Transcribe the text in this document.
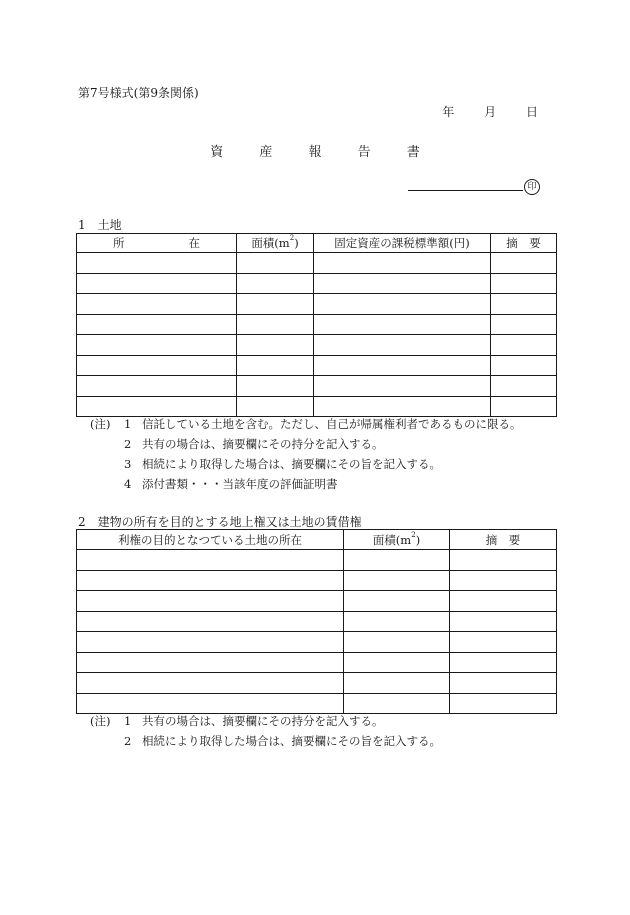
第7号様式(第9条関係)
年 月 日
資 産 報 告 書
印
1 土地
所 在	面積$(m^2)$	固定資産の課税標準額(円)	摘　要

(注) 1 信託している土地を含む。ただし、自己が帰属権利者であるものに限る。
2 共有の場合は、摘要欄にその持分を記入する。
3 相続により取得した場合は、摘要欄にその旨を記入する。
4 添付書類・・・当該年度の評価証明書
2 建物の所有を目的とする地上権又は土地の賃借権
利権の目的となつている土地の所在	面積$(m^2)$	摘　要

(注) 1 共有の場合は、摘要欄にその持分を記入する。
2 相続により取得した場合は、摘要欄にその旨を記入する。
